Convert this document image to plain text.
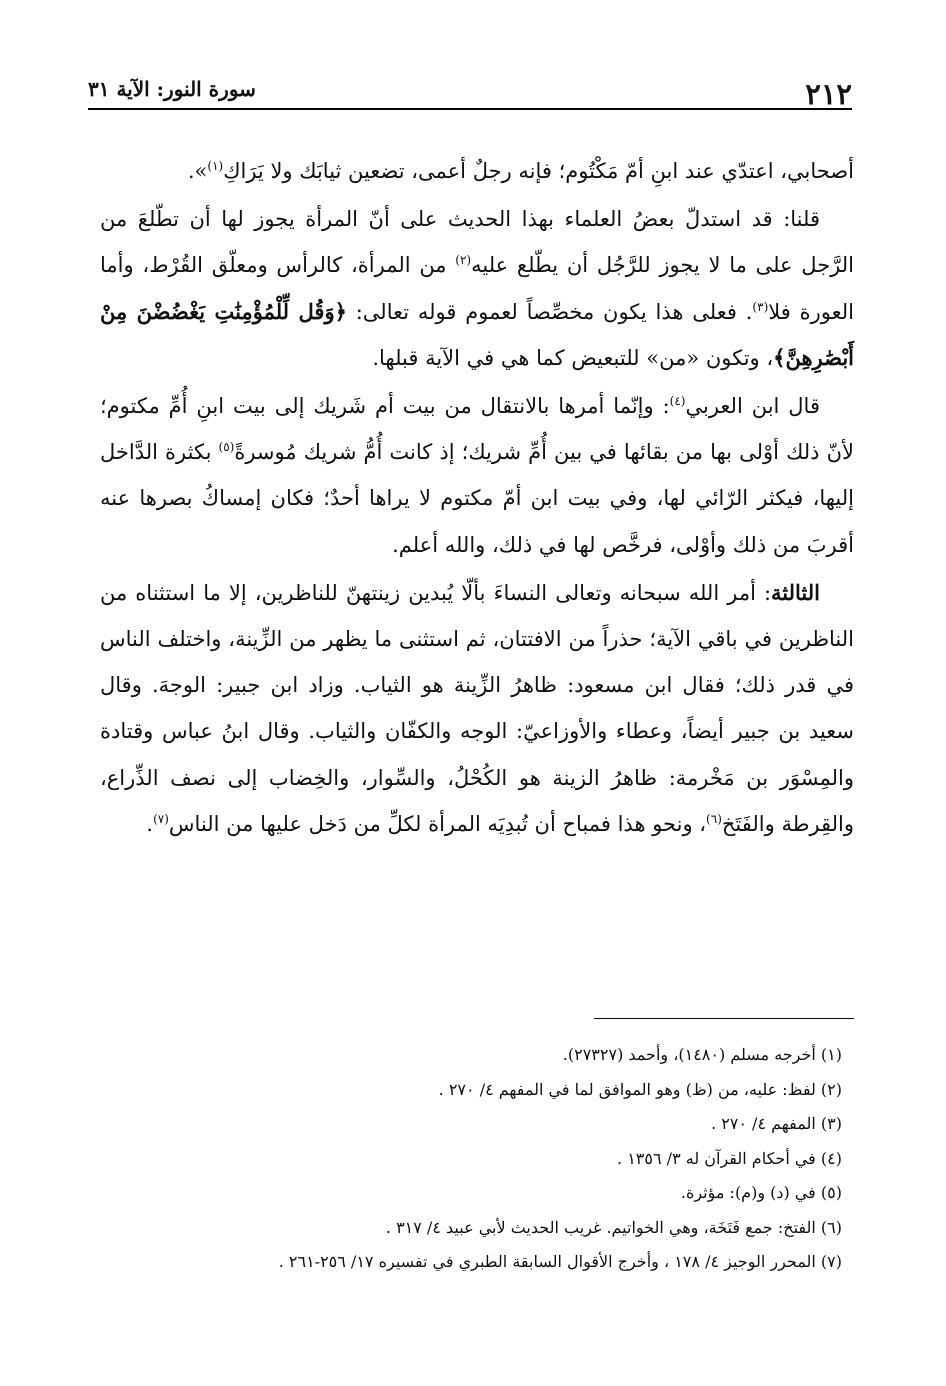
٢١٢
سورة النور: الآية ٣١

أصحابي، اعتدّي عند ابنِ أمّ مَكْتُوم؛ فإنه رجلٌ أعمى، تضعين ثيابَك ولا يَرَاكِ$^{(١)}$».

قلنا: قد استدلّ بعضُ العلماء بهذا الحديث على أنّ المرأة يجوز لها أن تطّلعَ من الرَّجل على ما لا يجوز للرَّجُل أن يطّلع عليه$^{(٢)}$ من المرأة، كالرأس ومعلّق القُرْط، وأما العورة فلا$^{(٣)}$. فعلى هذا يكون مخصِّصاً لعموم قوله تعالى: ﴿وَقُل لِّلْمُؤْمِنَٰتِ يَغْضُضْنَ مِنْ أَبْصَٰرِهِنَّ﴾، وتكون «من» للتبعيض كما هي في الآية قبلها.

قال ابن العربي$^{(٤)}$: وإنّما أمرها بالانتقال من بيت أم شَريك إلى بيت ابنِ أُمِّ مكتوم؛ لأنّ ذلك أوْلى بها من بقائها في بين أُمِّ شريك؛ إذ كانت أُمُّ شريك مُوسرةً$^{(٥)}$ بكثرة الدَّاخل إليها، فيكثر الرّائي لها، وفي بيت ابن أمّ مكتوم لا يراها أحدٌ؛ فكان إمساكُ بصرها عنه أقربَ من ذلك وأوْلى، فرخَّص لها في ذلك، والله أعلم.

الثالثة: أمر الله سبحانه وتعالى النساءَ بألّا يُبدين زينتهنّ للناظرين، إلا ما استثناه من الناظرين في باقي الآية؛ حذراً من الافتتان، ثم استثنى ما يظهر من الزِّينة، واختلف الناس في قدر ذلك؛ فقال ابن مسعود: ظاهرُ الزِّينة هو الثياب. وزاد ابن جبير: الوجهَ. وقال سعيد بن جبير أيضاً، وعطاء والأوزاعيّ: الوجه والكفّان والثياب. وقال ابنُ عباس وقتادة والمِسْوَر بن مَخْرمة: ظاهرُ الزينة هو الكُحْلُ، والسِّوار، والخِضاب إلى نصف الذِّراع، والقِرطة والفَتَخ$^{(٦)}$، ونحو هذا فمباح أن تُبدِيَه المرأة لكلِّ من دَخل عليها من الناس$^{(٧)}$.

(١) أخرجه مسلم (١٤٨٠)، وأحمد (٢٧٣٢٧).
(٢) لفظ: عليه، من (ظ) وهو الموافق لما في المفهم ٤/ ٢٧٠ .
(٣) المفهم ٤/ ٢٧٠ .
(٤) في أحكام القرآن له ٣/ ١٣٥٦ .
(٥) في (د) و(م): مؤثرة.
(٦) الفتخ: جمع فَتَخَة، وهي الخواتيم. غريب الحديث لأبي عبيد ٤/ ٣١٧ .
(٧) المحرر الوجيز ٤/ ١٧٨ ، وأخرج الأقوال السابقة الطبري في تفسيره ١٧/ ٢٥٦-٢٦١ .
